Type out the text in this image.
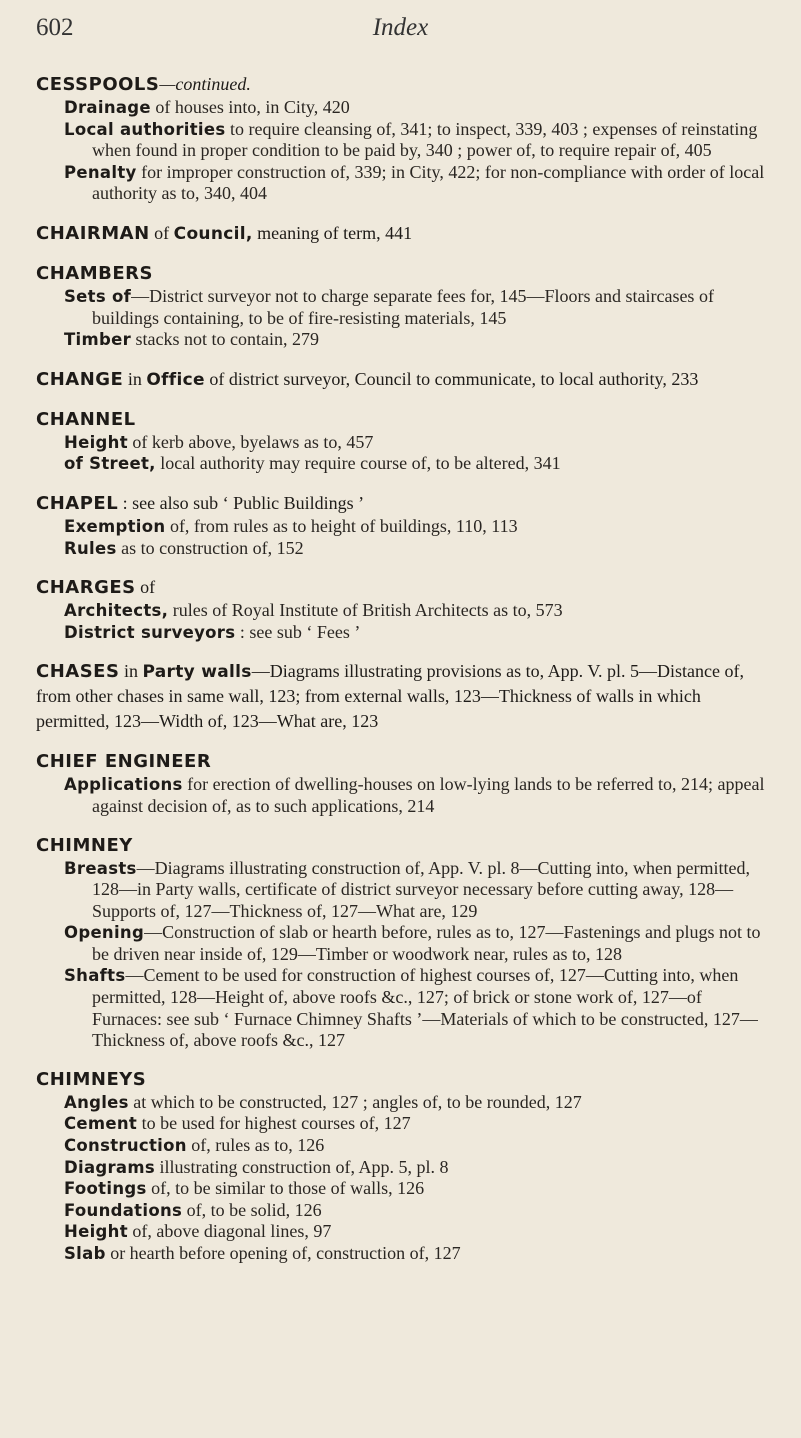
602	Index
CESSPOOLS—continued.
Drainage of houses into, in City, 420
Local authorities to require cleansing of, 341; to inspect, 339, 403 ; expenses of reinstating when found in proper condition to be paid by, 340 ; power of, to require repair of, 405
Penalty for improper construction of, 339; in City, 422; for non-compliance with order of local authority as to, 340, 404
CHAIRMAN of Council, meaning of term, 441
CHAMBERS
Sets of—District surveyor not to charge separate fees for, 145—Floors and staircases of buildings containing, to be of fire-resisting materials, 145
Timber stacks not to contain, 279
CHANGE in Office of district surveyor, Council to communicate, to local authority, 233
CHANNEL
Height of kerb above, byelaws as to, 457
of Street, local authority may require course of, to be altered, 341
CHAPEL : see also sub ‘ Public Buildings ’
Exemption of, from rules as to height of buildings, 110, 113
Rules as to construction of, 152
CHARGES of
Architects, rules of Royal Institute of British Architects as to, 573
District surveyors : see sub ‘ Fees ’
CHASES in Party walls—Diagrams illustrating provisions as to, App. V. pl. 5—Distance of, from other chases in same wall, 123; from external walls, 123—Thickness of walls in which permitted, 123—Width of, 123—What are, 123
CHIEF ENGINEER
Applications for erection of dwelling-houses on low-lying lands to be referred to, 214; appeal against decision of, as to such applications, 214
CHIMNEY
Breasts—Diagrams illustrating construction of, App. V. pl. 8—Cutting into, when permitted, 128—in Party walls, certificate of district surveyor necessary before cutting away, 128—Supports of, 127—Thickness of, 127—What are, 129
Opening—Construction of slab or hearth before, rules as to, 127—Fastenings and plugs not to be driven near inside of, 129—Timber or woodwork near, rules as to, 128
Shafts—Cement to be used for construction of highest courses of, 127—Cutting into, when permitted, 128—Height of, above roofs &c., 127; of brick or stone work of, 127—of Furnaces: see sub ‘ Furnace Chimney Shafts ’—Materials of which to be constructed, 127—Thickness of, above roofs &c., 127
CHIMNEYS
Angles at which to be constructed, 127 ; angles of, to be rounded, 127
Cement to be used for highest courses of, 127
Construction of, rules as to, 126
Diagrams illustrating construction of, App. 5, pl. 8
Footings of, to be similar to those of walls, 126
Foundations of, to be solid, 126
Height of, above diagonal lines, 97
Slab or hearth before opening of, construction of, 127
